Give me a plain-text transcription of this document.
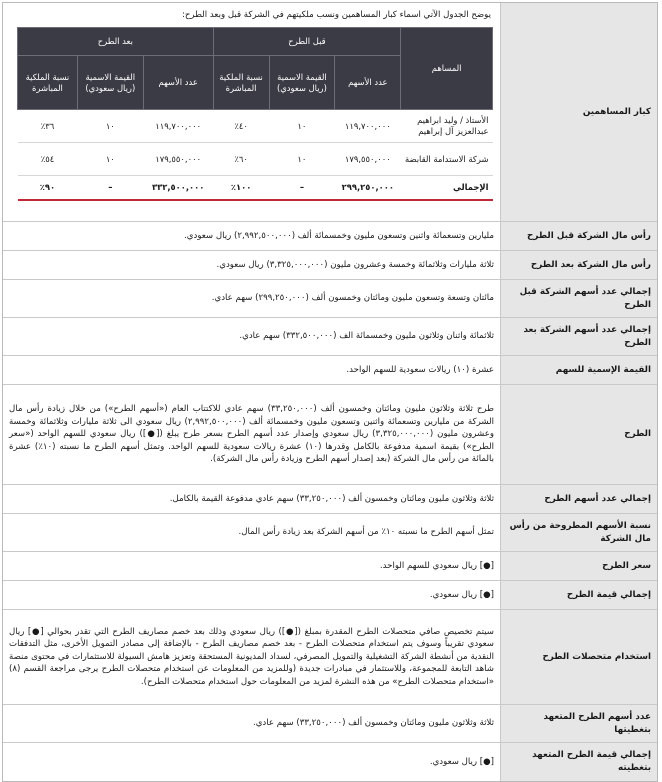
كبار المساهمين
يوضح الجدول الآتي اسماء كبار المساهمين ونسب ملكيتهم في الشركة قبل وبعد الطرح:
المساهم	قبل الطرح			بعد الطرح		
	عدد الأسهم	القيمة الاسمية (ريال سعودي)	نسبة الملكية المباشرة	عدد الأسهم	القيمة الاسمية (ريال سعودي)	نسبة الملكية المباشرة
الأستاذ / وليد ابراهيم عبدالعزيز آل إبراهيم	١١٩,٧٠٠,٠٠٠	١٠	٤٠٪	١١٩,٧٠٠,٠٠٠	١٠	٣٦٪
شركة الاستدامة القابضة	١٧٩,٥٥٠,٠٠٠	١٠	٦٠٪	١٧٩,٥٥٠,٠٠٠	١٠	٥٤٪
الإجمالي	٢٩٩,٢٥٠,٠٠٠	–	١٠٠٪	٣٣٢,٥٠٠,٠٠٠	–	٩٠٪
رأس مال الشركة قبل الطرح
مليارين وتسعمائة واثنين وتسعون مليون وخمسمائة ألف (٢,٩٩٢,٥٠٠,٠٠٠) ريال سعودي.
رأس مال الشركة بعد الطرح
ثلاثة مليارات وثلاثمائة وخمسة وعشرون مليون (٣,٣٢٥,٠٠٠,٠٠٠) ريال سعودي.
إجمالي عدد أسهم الشركة قبل الطرح
مائتان وتسعة وتسعون مليون ومائتان وخمسون ألف (٢٩٩,٢٥٠,٠٠٠) سهم عادي.
إجمالي عدد أسهم الشركة بعد الطرح
ثلاثمائة واثنان وثلاثون مليون وخمسمائة الف (٣٣٢,٥٠٠,٠٠٠) سهم عادي.
القيمة الإسمية للسهم
عشرة (١٠) ريالات سعودية للسهم الواحد.
الطرح
طرح ثلاثة وثلاثون مليون ومائتان وخمسون ألف (٣٣,٢٥٠,٠٠٠) سهم عادي للاكتتاب العام («أسهم الطرح») من خلال زيادة رأس مال الشركة من مليارين وتسعمائة واثنين وتسعون مليون وخمسمائة ألف (٢,٩٩٢,٥٠٠,٠٠٠) ريال سعودي الى ثلاثة مليارات وثلاثمائة وخمسة وعشرون مليون (٣,٣٢٥,٠٠٠,٠٠٠) ريال سعودي وإصدار عدد أسهم الطرح بسعر طرح يبلغ ([●]) ريال سعودي للسهم الواحد («سعر الطرح») بقيمة اسمية مدفوعة بالكامل وقدرها (١٠) عشرة ريالات سعودية للسهم الواحد. وتمثل أسهم الطرح ما نسبته (١٠٪) عشرة بالمائة من رأس مال الشركة (بعد إصدار أسهم الطرح وزيادة رأس مال الشركة).
إجمالي عدد أسهم الطرح
ثلاثة وثلاثون مليون ومائتان وخمسون ألف (٣٣,٢٥٠,٠٠٠) سهم عادي مدفوعة القيمة بالكامل.
نسبة الأسهم المطروحة من رأس مال الشركة
تمثل أسهم الطرح ما نسبته ١٠٪ من أسهم الشركة بعد زيادة رأس المال.
سعر الطرح
[●] ريال سعودي للسهم الواحد.
إجمالي قيمة الطرح
[●] ريال سعودي.
استخدام متحصلات الطرح
سيتم تخصيص صافي متحصلات الطرح المقدرة بمبلغ ([●]) ريال سعودي وذلك بعد خصم مصاريف الطرح التي تقدر بحوالي [●] ريال سعودي تقريباً وسوف يتم استخدام متحصلات الطرح - بعد خصم مصاريف الطرح - بالإضافة إلى مصادر التمويل الأخرى، مثل التدفقات النقدية من أنشطة الشركة التشغيلية والتمويل المصرفي، لسداد المديونية المستحقة وتعزيز هامش السيولة للاستثمارات في محتوى منصة شاهد التابعة للمجموعة، وللاستثمار في مبادرات جديدة (وللمزيد من المعلومات عن استخدام متحصلات الطرح يرجى مراجعة القسم (٨) «استخدام متحصلات الطرح» من هذه النشرة لمزيد من المعلومات حول استخدام متحصلات الطرح).
عدد أسهم الطرح المتعهد بتغطيتها
ثلاثة وثلاثون مليون ومائتان وخمسون ألف (٣٣,٢٥٠,٠٠٠) سهم عادي.
إجمالي قيمة الطرح المتعهد بتغطيته
[●] ريال سعودي.
